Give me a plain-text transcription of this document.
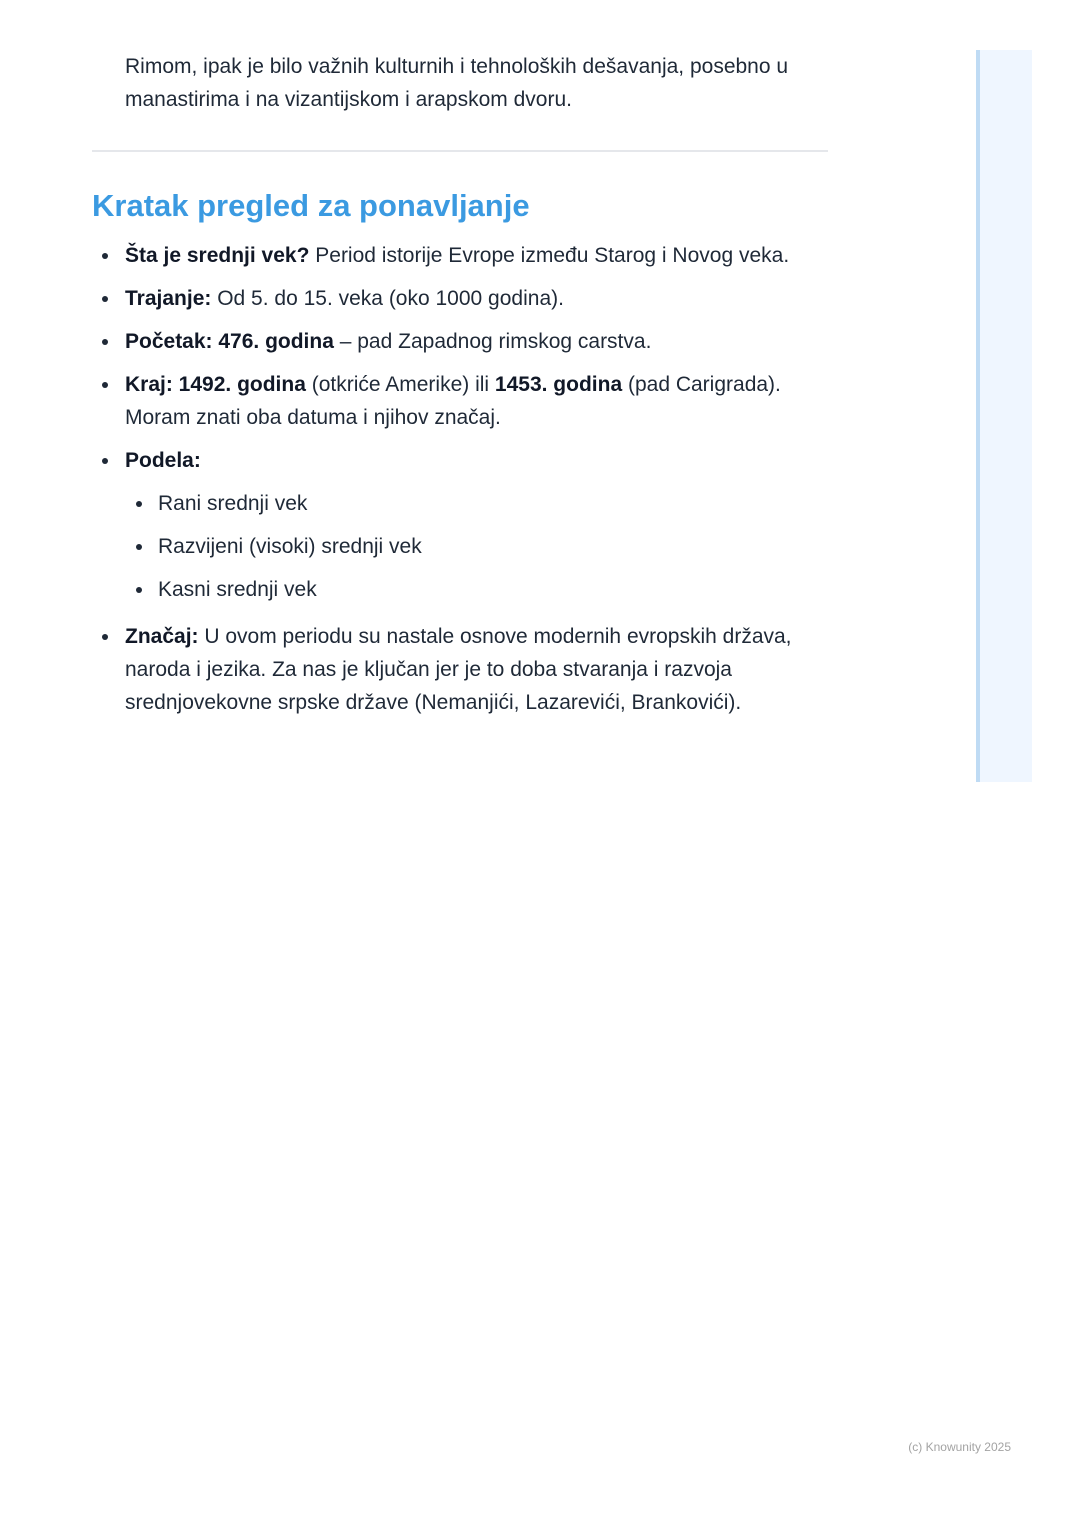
Rimom, ipak je bilo važnih kulturnih i tehnoloških dešavanja, posebno u manastirima i na vizantijskom i arapskom dvoru.

Kratak pregled za ponavljanje
Šta je srednji vek? Period istorije Evrope između Starog i Novog veka.
Trajanje: Od 5. do 15. veka (oko 1000 godina).
Početak: 476. godina – pad Zapadnog rimskog carstva.
Kraj: 1492. godina (otkriće Amerike) ili 1453. godina (pad Carigrada). Moram znati oba datuma i njihov značaj.
Podela:
Rani srednji vek
Razvijeni (visoki) srednji vek
Kasni srednji vek
Značaj: U ovom periodu su nastale osnove modernih evropskih država, naroda i jezika. Za nas je ključan jer je to doba stvaranja i razvoja srednjovekovne srpske države (Nemanjići, Lazarevići, Brankovići).
(c) Knowunity 2025
